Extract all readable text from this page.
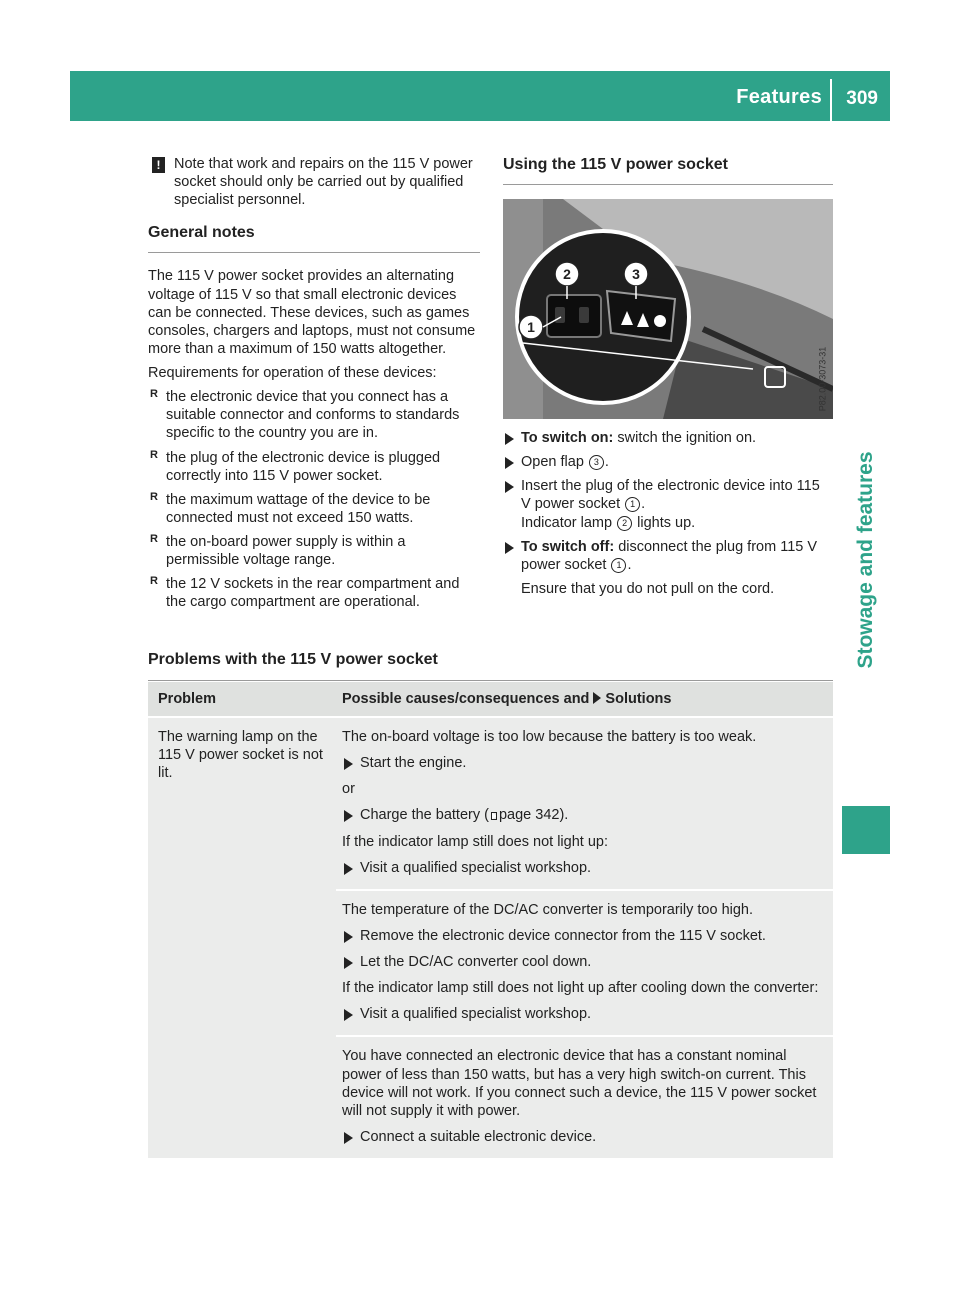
Features 309
Stowage and features
! Note that work and repairs on the 115 V power socket should only be carried out by qualified specialist personnel.
General notes

The 115 V power socket provides an alternating voltage of 115 V so that small electronic devices can be connected. These devices, such as games consoles, chargers and laptops, must not consume more than a maximum of 150 watts altogether.

Requirements for operation of these devices:

R the electronic device that you connect has a suitable connector and conforms to standards specific to the country you are in.
R the plug of the electronic device is plugged correctly into 115 V power socket.
R the maximum wattage of the device to be connected must not exceed 150 watts.
R the on-board power supply is within a permissible voltage range.
R the 12 V sockets in the rear compartment and the cargo compartment are operational.
Using the 115 V power socket
1
2	3
P82.00-3073-31
To switch on: switch the ignition on.
Open flap 3 .
Insert the plug of the electronic device into 115 V power socket 1 .
Indicator lamp 2 lights up.
To switch off: disconnect the plug from 115 V power socket 1 .
Ensure that you do not pull on the cord.
Problems with the 115 V power socket
Problem	Possible causes/consequences and Solutions
The warning lamp on the 115 V power socket is not lit.

The on-board voltage is too low because the battery is too weak.

Start the engine.

or

Charge the battery ( page 342).

If the indicator lamp still does not light up:

Visit a qualified specialist workshop.

The temperature of the DC/AC converter is temporarily too high.

Remove the electronic device connector from the 115 V socket.
Let the DC/AC converter cool down.

If the indicator lamp still does not light up after cooling down the converter:

Visit a qualified specialist workshop.

You have connected an electronic device that has a constant nominal power of less than 150 watts, but has a very high switch-on current. This device will not work. If you connect such a device, the 115 V power socket will not supply it with power.

Connect a suitable electronic device.
